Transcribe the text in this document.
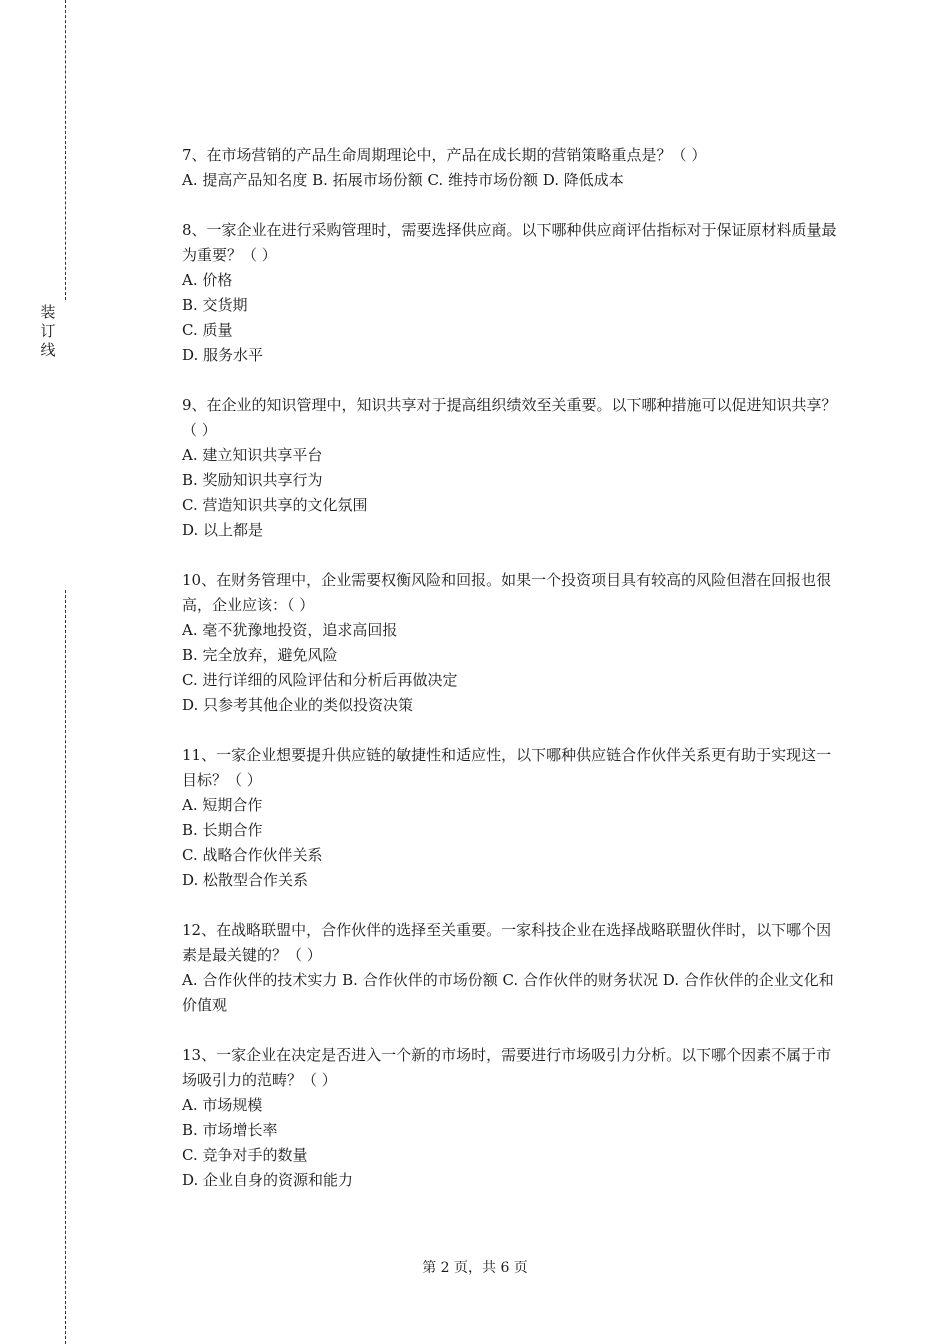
装订线

7、在市场营销的产品生命周期理论中，产品在成长期的营销策略重点是？（ ）

A. 提高产品知名度 B. 拓展市场份额 C. 维持市场份额 D. 降低成本

8、一家企业在进行采购管理时，需要选择供应商。以下哪种供应商评估指标对于保证原材料质量最为重要？（ ）

A. 价格

B. 交货期

C. 质量

D. 服务水平

9、在企业的知识管理中，知识共享对于提高组织绩效至关重要。以下哪种措施可以促进知识共享？（ ）

A. 建立知识共享平台

B. 奖励知识共享行为

C. 营造知识共享的文化氛围

D. 以上都是

10、在财务管理中，企业需要权衡风险和回报。如果一个投资项目具有较高的风险但潜在回报也很高，企业应该：（ ）

A. 毫不犹豫地投资，追求高回报

B. 完全放弃，避免风险

C. 进行详细的风险评估和分析后再做决定

D. 只参考其他企业的类似投资决策

11、一家企业想要提升供应链的敏捷性和适应性，以下哪种供应链合作伙伴关系更有助于实现这一目标？（ ）

A. 短期合作

B. 长期合作

C. 战略合作伙伴关系

D. 松散型合作关系

12、在战略联盟中，合作伙伴的选择至关重要。一家科技企业在选择战略联盟伙伴时，以下哪个因素是最关键的？（ ）

A. 合作伙伴的技术实力 B. 合作伙伴的市场份额 C. 合作伙伴的财务状况 D. 合作伙伴的企业文化和价值观

13、一家企业在决定是否进入一个新的市场时，需要进行市场吸引力分析。以下哪个因素不属于市场吸引力的范畴？（ ）

A. 市场规模

B. 市场增长率

C. 竞争对手的数量

D. 企业自身的资源和能力

第 2 页，共 6 页
